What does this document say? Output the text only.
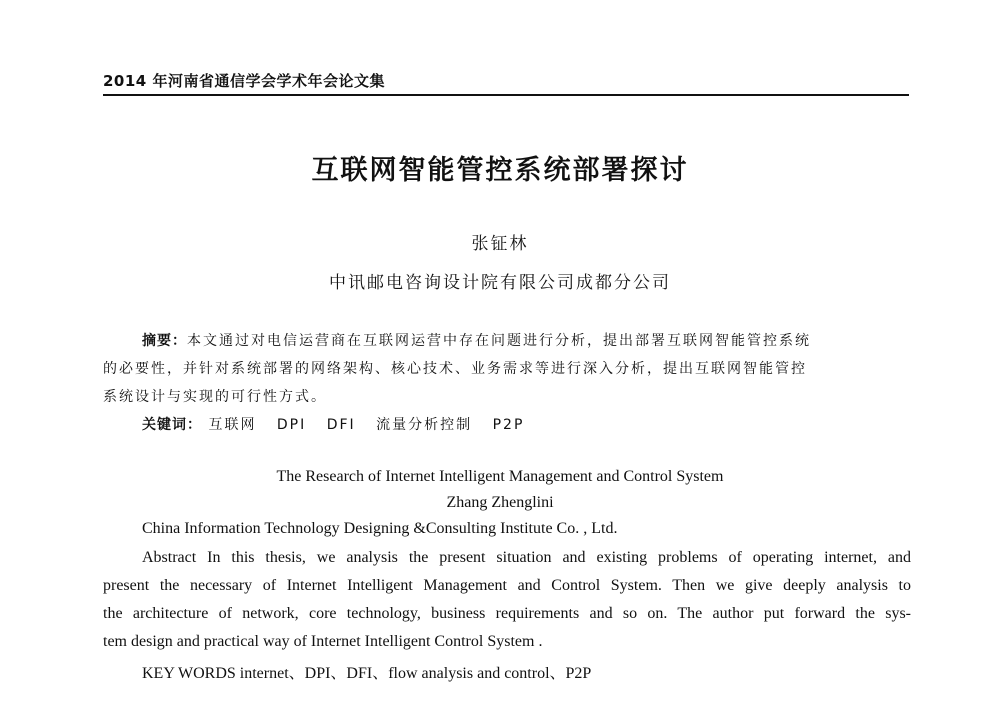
2014 年河南省通信学会学术年会论文集
互联网智能管控系统部署探讨
张钲林
中讯邮电咨询设计院有限公司成都分公司
摘要：本文通过对电信运营商在互联网运营中存在问题进行分析，提出部署互联网智能管控系统
的必要性，并针对系统部署的网络架构、核心技术、业务需求等进行深入分析，提出互联网智能管控
系统设计与实现的可行性方式。
关键词： 互联网 DPI DFI 流量分析控制 P2P
The Research of Internet Intelligent Management and Control System
Zhang Zhenglini
China Information Technology Designing &Consulting Institute Co. , Ltd.
Abstract In this thesis, we analysis the present situation and existing problems of operating internet, and
present the necessary of Internet Intelligent Management and Control System. Then we give deeply analysis to
the architecture of network, core technology, business requirements and so on. The author put forward the sys-
tem design and practical way of Internet Intelligent Control System .
KEY WORDS internet、DPI、DFI、flow analysis and control、P2P
